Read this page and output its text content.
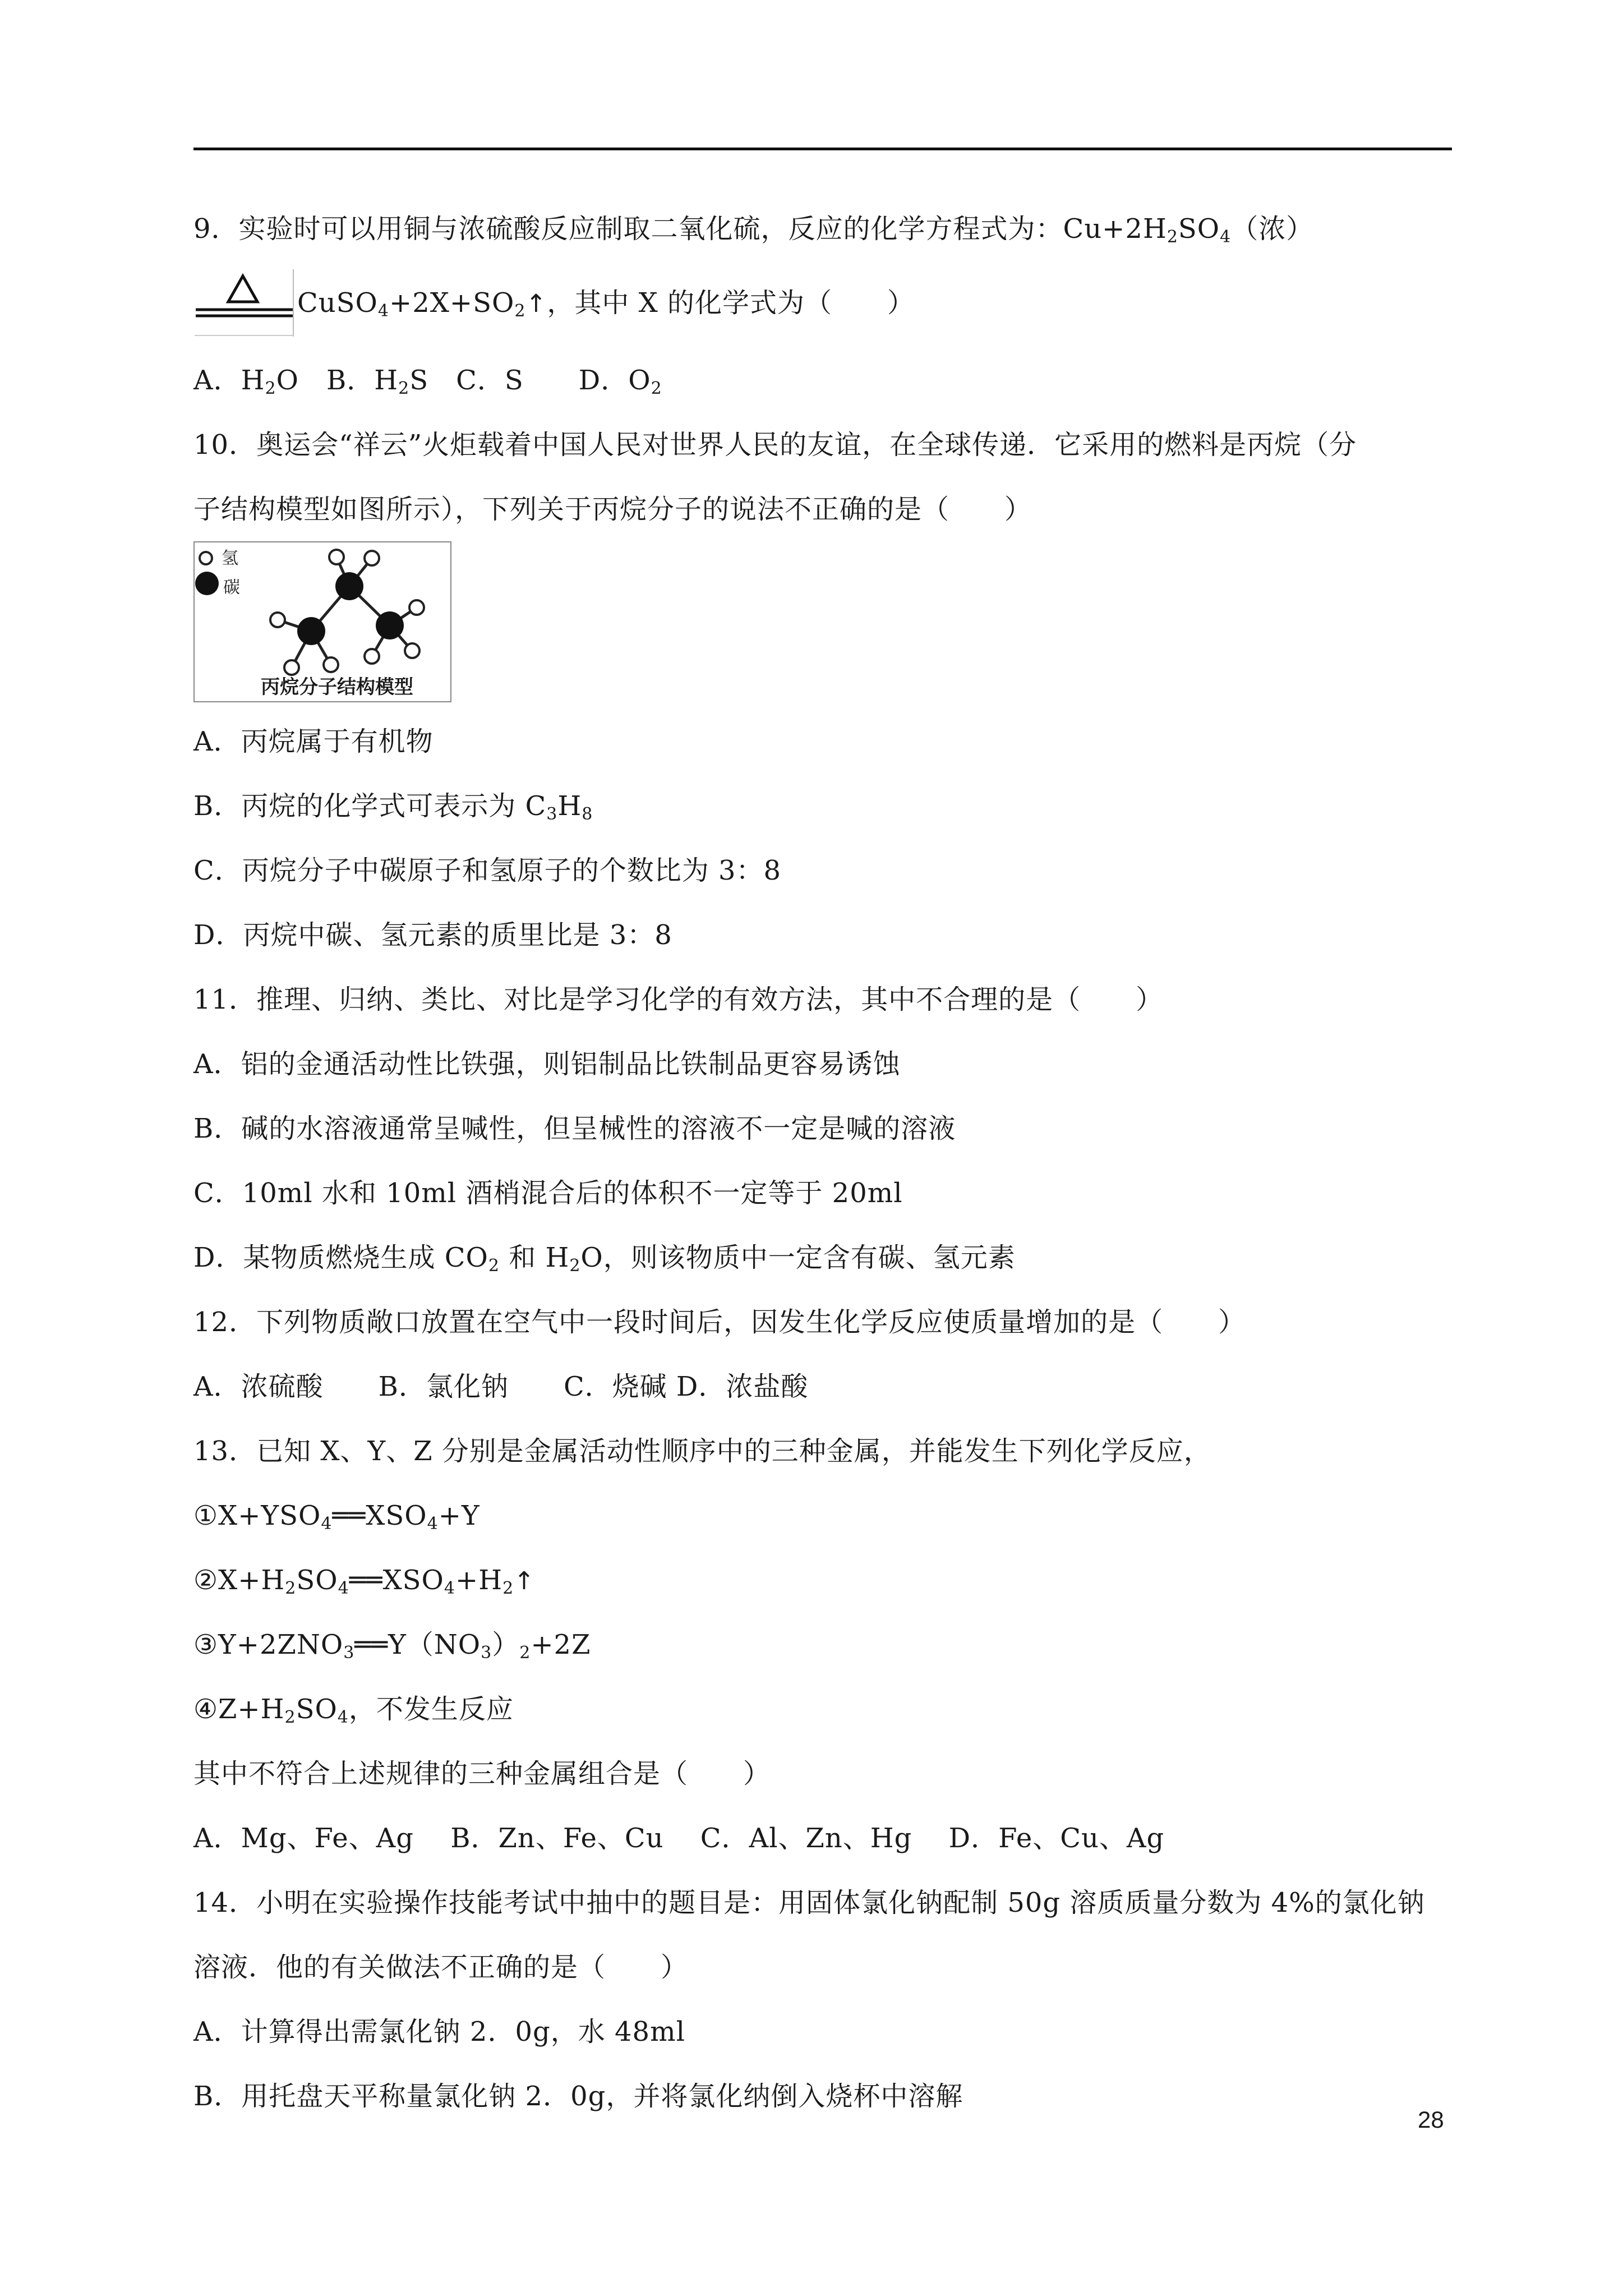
9．实验时可以用铜与浓硫酸反应制取二氧化硫，反应的化学方程式为：$Cu+2H_2SO_4$（浓）
$CuSO_4+2X+SO_2↑$，其中 X 的化学式为（　　）
A．$H_2O$　B．$H_2S$　C．S　　D．$O_2$
10．奥运会“祥云”火炬载着中国人民对世界人民的友谊，在全球传递．它采用的燃料是丙烷（分
子结构模型如图所示），下列关于丙烷分子的说法不正确的是（　　）
氢
碳
丙烷分子结构模型
A．丙烷属于有机物
B．丙烷的化学式可表示为 $C_3H_8$
C．丙烷分子中碳原子和氢原子的个数比为 3：8
D．丙烷中碳、氢元素的质里比是 3：8
11．推理、归纳、类比、对比是学习化学的有效方法，其中不合理的是（　　）
A．铝的金通活动性比铁强，则铝制品比铁制品更容易诱蚀
B．碱的水溶液通常呈喊性，但呈械性的溶液不一定是喊的溶液
C．10ml 水和 10ml 酒梢混合后的体积不一定等于 20ml
D．某物质燃烧生成 $CO_2$ 和 $H_2O$，则该物质中一定含有碳、氢元素
12．下列物质敞口放置在空气中一段时间后，因发生化学反应使质量增加的是（　　）
A．浓硫酸　　B．氯化钠　　C．烧碱 D．浓盐酸
13．已知 X、Y、Z 分别是金属活动性顺序中的三种金属，并能发生下列化学反应，
$①X+YSO_4══XSO_4+Y$
$②X+H_2SO_4══XSO_4+H_2↑$
$③Y+2ZNO_3══Y(NO_3)_2+2Z$
$④Z+H_2SO_4$，不发生反应
其中不符合上述规律的三种金属组合是（　　）
A．Mg、Fe、Ag　 B．Zn、Fe、Cu　 C．Al、Zn、Hg　 D．Fe、Cu、Ag
14．小明在实验操作技能考试中抽中的题目是：用固体氯化钠配制 50g 溶质质量分数为 4%的氯化钠
溶液．他的有关做法不正确的是（　　）
A．计算得出需氯化钠 2．0g，水 48ml
B．用托盘天平称量氯化钠 2．0g，并将氯化纳倒入烧杯中溶解
28
